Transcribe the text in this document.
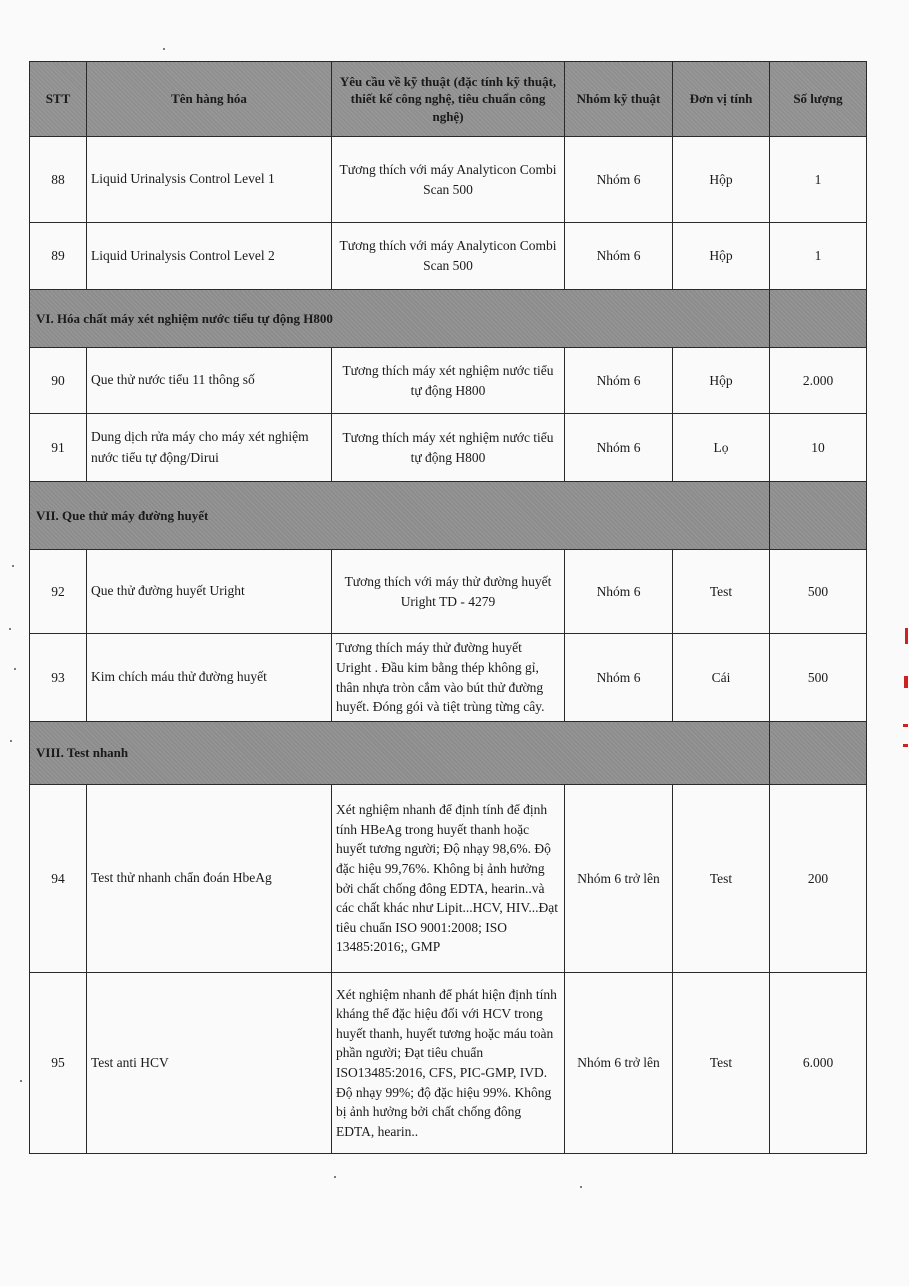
STT	Tên hàng hóa	Yêu cầu về kỹ thuật (đặc tính kỹ thuật, thiết kế công nghệ, tiêu chuẩn công nghệ)	Nhóm kỹ thuật	Đơn vị tính	Số lượng
88	Liquid Urinalysis Control Level 1	Tương thích với máy Analyticon Combi Scan 500	Nhóm 6	Hộp	1
89	Liquid Urinalysis Control Level 2	Tương thích với máy Analyticon Combi Scan 500	Nhóm 6	Hộp	1
VI. Hóa chất máy xét nghiệm nước tiểu tự động H800					
90	Que thử nước tiểu 11 thông số	Tương thích máy xét nghiệm nước tiểu tự động H800	Nhóm 6	Hộp	2.000
91	Dung dịch rửa máy cho máy xét nghiệm nước tiểu tự động/Dirui	Tương thích máy xét nghiệm nước tiểu tự động H800	Nhóm 6	Lọ	10
VII. Que thử máy đường huyết					
92	Que thử đường huyết Uright	Tương thích với máy thử đường huyết Uright TD - 4279	Nhóm 6	Test	500
93	Kim chích máu thử đường huyết	Tương thích máy thử đường huyết Uright . Đầu kim bằng thép không gỉ, thân nhựa tròn cắm vào bút thử đường huyết. Đóng gói và tiệt trùng từng cây.	Nhóm 6	Cái	500
VIII. Test nhanh					
94	Test thử nhanh chẩn đoán HbeAg	Xét nghiệm nhanh để định tính để định tính HBeAg trong huyết thanh hoặc huyết tương người; Độ nhạy 98,6%. Độ đặc hiệu 99,76%. Không bị ảnh hưởng bởi chất chống đông EDTA, hearin..và các chất khác như Lipit...HCV, HIV...Đạt tiêu chuẩn ISO 9001:2008; ISO 13485:2016;, GMP	Nhóm 6 trở lên	Test	200
95	Test anti HCV	Xét nghiệm nhanh để phát hiện định tính kháng thể đặc hiệu đối với HCV trong huyết thanh, huyết tương hoặc máu toàn phần người; Đạt tiêu chuẩn ISO13485:2016, CFS, PIC-GMP, IVD. Độ nhạy 99%; độ đặc hiệu 99%. Không bị ảnh hưởng bởi chất chống đông EDTA, hearin..	Nhóm 6 trở lên	Test	6.000
